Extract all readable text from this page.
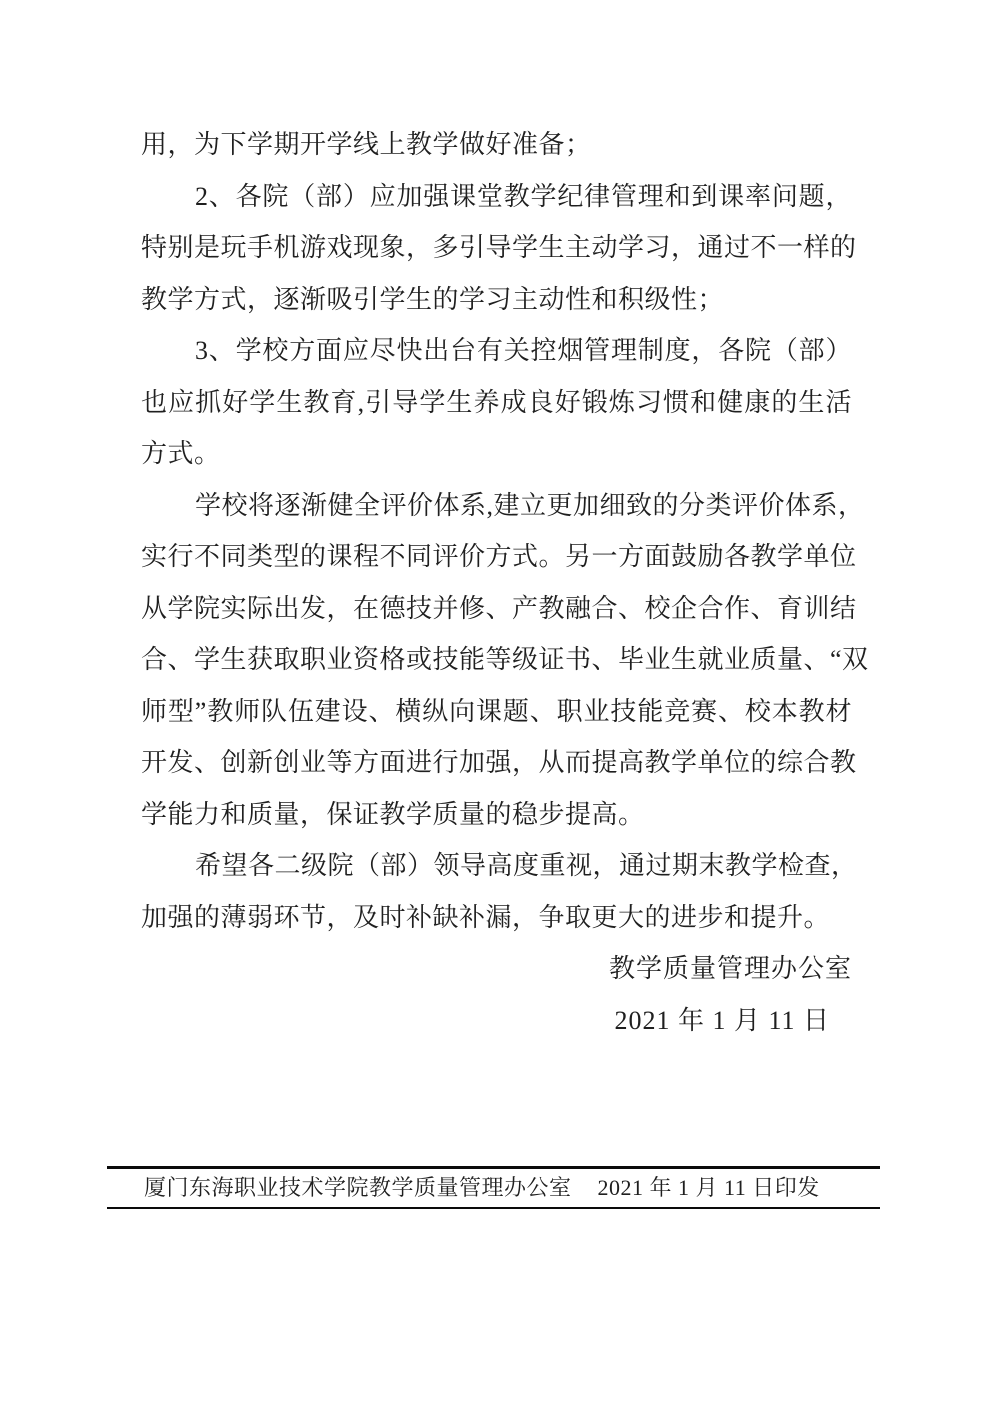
用，为下学期开学线上教学做好准备；

2、各院（部）应加强课堂教学纪律管理和到课率问题，
特别是玩手机游戏现象，多引导学生主动学习，通过不一样的
教学方式，逐渐吸引学生的学习主动性和积级性；

3、学校方面应尽快出台有关控烟管理制度，各院（部）
也应抓好学生教育,引导学生养成良好锻炼习惯和健康的生活
方式。

学校将逐渐健全评价体系,建立更加细致的分类评价体系，
实行不同类型的课程不同评价方式。另一方面鼓励各教学单位
从学院实际出发，在德技并修、产教融合、校企合作、育训结
合、学生获取职业资格或技能等级证书、毕业生就业质量、“双
师型”教师队伍建设、横纵向课题、职业技能竞赛、校本教材
开发、创新创业等方面进行加强，从而提高教学单位的综合教
学能力和质量，保证教学质量的稳步提高。

希望各二级院（部）领导高度重视，通过期末教学检查，
加强的薄弱环节，及时补缺补漏，争取更大的进步和提升。

教学质量管理办公室
2021 年 1 月 11 日
厦门东海职业技术学院教学质量管理办公室 2021 年 1 月 11 日印发
